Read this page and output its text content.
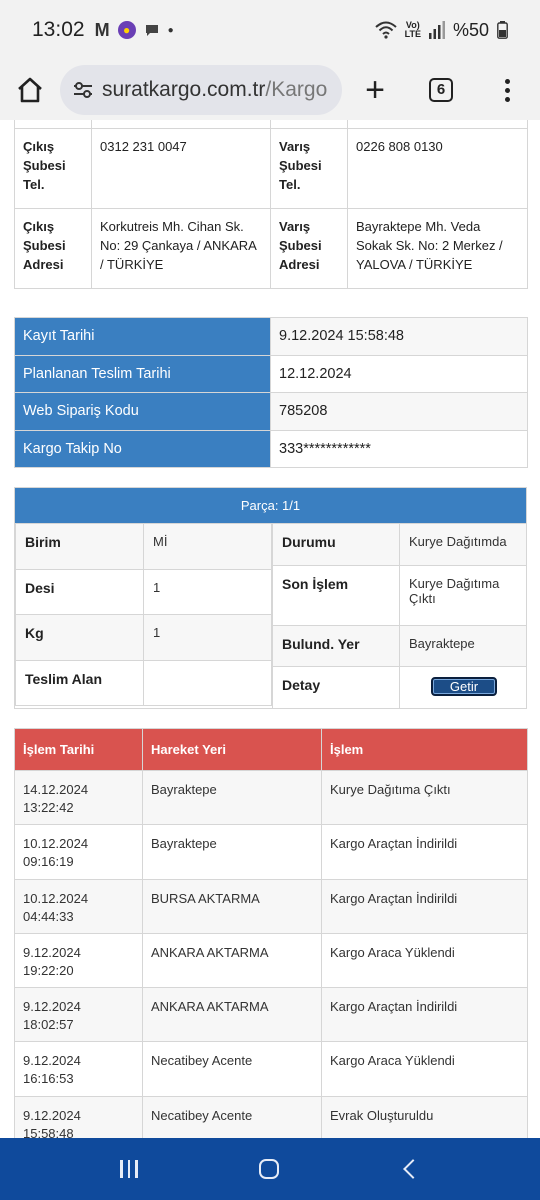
13:02 M	●	●	Vo)
LTE %50
suratkargo.com.tr/Kargo +	6

Çıkış Şubesi Tel.	0312 231 0047	Varış Şubesi Tel.	0226 808 0130
Çıkış Şubesi Adresi	Korkutreis Mh. Cihan Sk. No: 29 Çankaya / ANKARA / TÜRKİYE	Varış Şubesi Adresi	Bayraktepe Mh. Veda Sokak Sk. No: 2 Merkez / YALOVA / TÜRKİYE
Kayıt Tarihi	9.12.2024 15:58:48
Planlanan Teslim Tarihi	12.12.2024
Web Sipariş Kodu	785208
Kargo Takip No	333************
Parça: 1/1
Birim	Mİ
Desi	1
Kg	1
Teslim Alan	
Durumu	Kurye Dağıtımda
Son İşlem	Kurye Dağıtıma Çıktı
Bulund. Yer	Bayraktepe
Detay	Getir
İşlem Tarihi	Hareket Yeri	İşlem

14.12.2024
13:22:42	Bayraktepe	Kurye Dağıtıma Çıktı

10.12.2024
09:16:19	Bayraktepe	Kargo Araçtan İndirildi

10.12.2024
04:44:33	BURSA AKTARMA	Kargo Araçtan İndirildi

9.12.2024
19:22:20	ANKARA AKTARMA	Kargo Araca Yüklendi

9.12.2024
18:02:57	ANKARA AKTARMA	Kargo Araçtan İndirildi

9.12.2024
16:16:53	Necatibey Acente	Kargo Araca Yüklendi

9.12.2024
15:58:48	Necatibey Acente	Evrak Oluşturuldu
